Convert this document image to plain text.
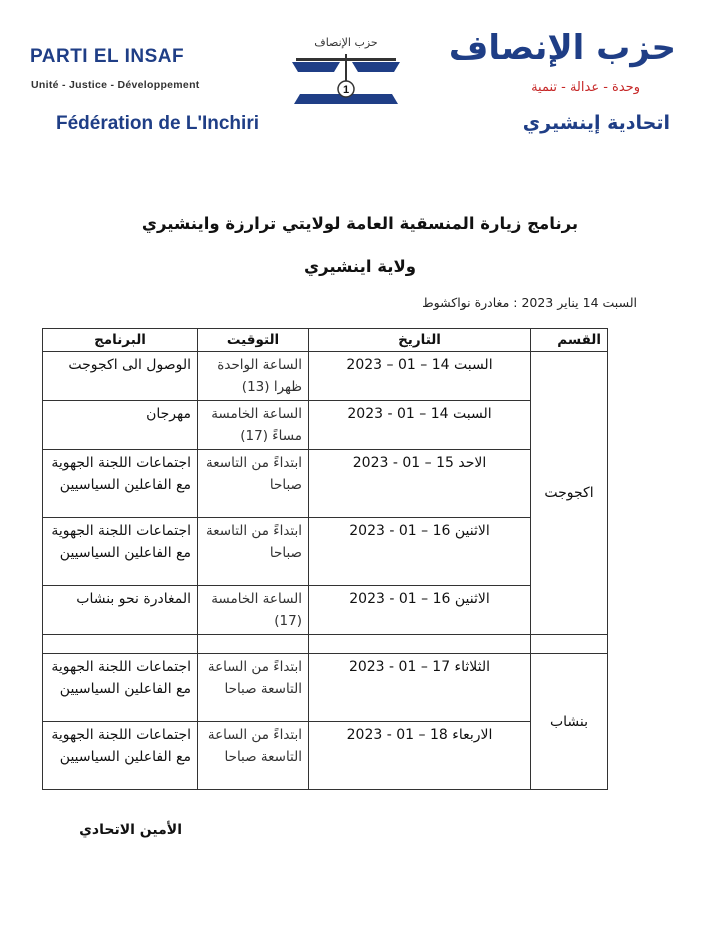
PARTI EL INSAF
Unité - Justice - Développement
Fédération de L'Inchiri
حزب الإنصاف
1
حزب الإنصاف
وحدة - عدالة - تنمية
اتحادية إينشيري
برنامج زيارة المنسقية العامة لولايتي ترارزة واينشيري
ولاية اينشيري
السبت 14 يناير 2023 : مغادرة نواكشوط
القسم	التاريخ	التوقيت	البرنامج
اكجوجت	السبت 14 – 01 – 2023	الساعة الواحدة ظهرا (13)	الوصول الى اكجوجت
	السبت 14 – 01 - 2023	الساعة الخامسة مساءً (17)	مهرجان
	الاحد 15 – 01 - 2023	ابتداءً من التاسعة صباحا	اجتماعات اللجنة الجهوية مع الفاعلين السياسيين
	الاثنين 16 – 01 - 2023	ابتداءً من التاسعة صباحا	اجتماعات اللجنة الجهوية مع الفاعلين السياسيين
	الاثنين 16 – 01 - 2023	الساعة الخامسة (17)	المغادرة نحو بنشاب

بنشاب	الثلاثاء 17 – 01 - 2023	ابتداءً من الساعة التاسعة صباحا	اجتماعات اللجنة الجهوية مع الفاعلين السياسيين
	الاربعاء 18 – 01 - 2023	ابتداءً من الساعة التاسعة صباحا	اجتماعات اللجنة الجهوية مع الفاعلين السياسيين
الأمين الاتحادي
